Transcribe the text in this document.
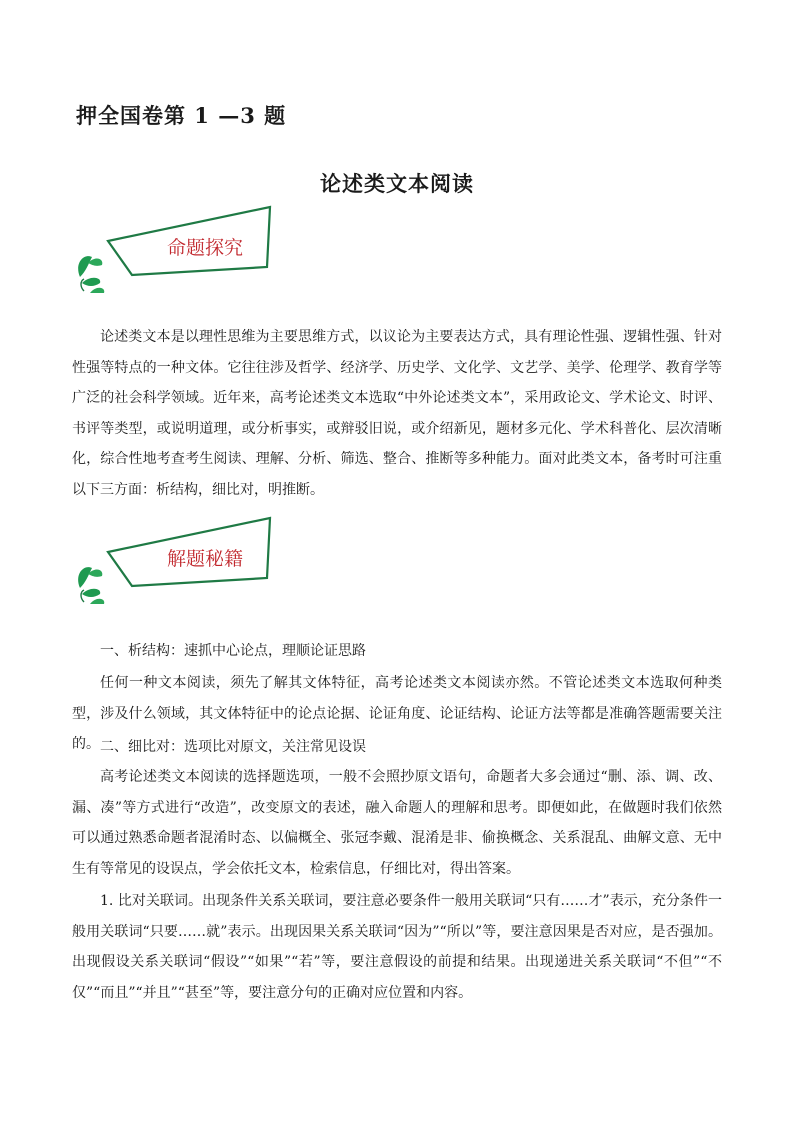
押全国卷第 1 —3 题
论述类文本阅读
命题探究

论述类文本是以理性思维为主要思维方式，以议论为主要表达方式，具有理论性强、逻辑性强、针对性强等特点的一种文体。它往往涉及哲学、经济学、历史学、文化学、文艺学、美学、伦理学、教育学等广泛的社会科学领域。近年来，高考论述类文本选取“中外论述类文本”，采用政论文、学术论文、时评、书评等类型，或说明道理，或分析事实，或辩驳旧说，或介绍新见，题材多元化、学术科普化、层次清晰化，综合性地考查考生阅读、理解、分析、筛选、整合、推断等多种能力。面对此类文本，备考时可注重以下三方面：析结构，细比对，明推断。

解题秘籍
一、析结构：速抓中心论点，理顺论证思路

任何一种文本阅读，须先了解其文体特征，高考论述类文本阅读亦然。不管论述类文本选取何种类型，涉及什么领域，其文体特征中的论点论据、论证角度、论证结构、论证方法等都是准确答题需要关注的。 二、细比对：选项比对原文，关注常见设误

高考论述类文本阅读的选择题选项，一般不会照抄原文语句，命题者大多会通过“删、添、调、改、漏、凑”等方式进行“改造”，改变原文的表述，融入命题人的理解和思考。即便如此，在做题时我们依然可以通过熟悉命题者混淆时态、以偏概全、张冠李戴、混淆是非、偷换概念、关系混乱、曲解文意、无中生有等常见的设误点，学会依托文本，检索信息，仔细比对，得出答案。

1. 比对关联词。出现条件关系关联词，要注意必要条件一般用关联词“只有……才”表示，充分条件一般用关联词“只要……就”表示。出现因果关系关联词“因为”“所以”等，要注意因果是否对应，是否强加。出现假设关系关联词“假设”“如果”“若”等，要注意假设的前提和结果。出现递进关系关联词“不但”“不仅”“而且”“并且”“甚至”等，要注意分句的正确对应位置和内容。
